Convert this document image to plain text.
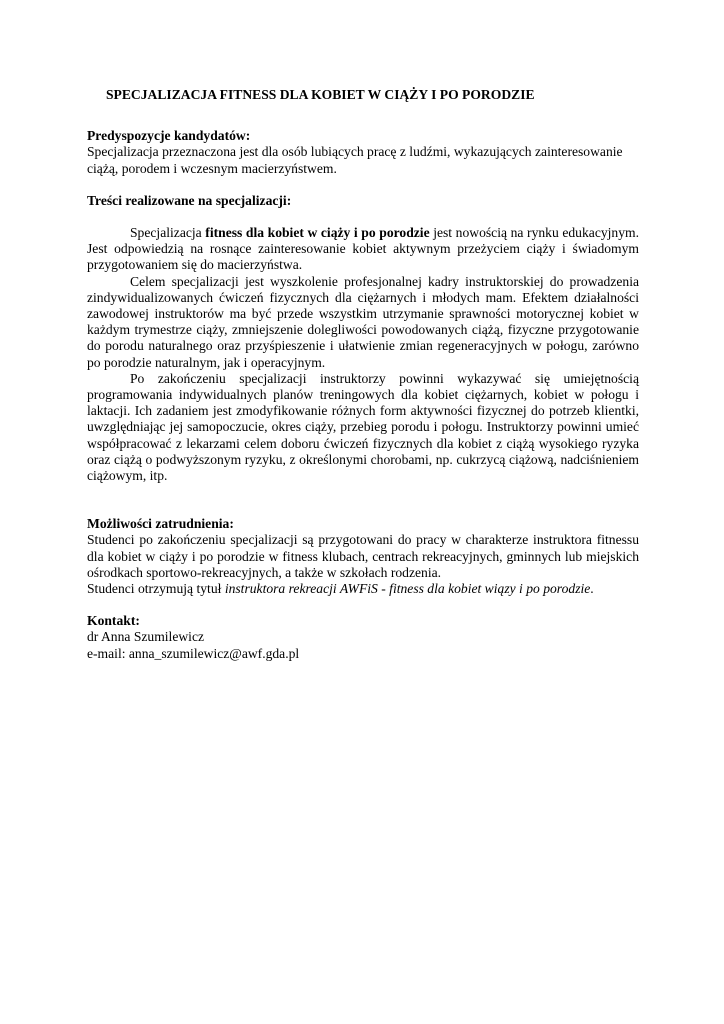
SPECJALIZACJA FITNESS DLA KOBIET W CIĄŻY I PO PORODZIE
Predyspozycje kandydatów:

Specjalizacja przeznaczona jest dla osób lubiących pracę z ludźmi, wykazujących zainteresowanie ciążą, porodem i wczesnym macierzyństwem.

Treści realizowane na specjalizacji:

Specjalizacja fitness dla kobiet w ciąży i po porodzie jest nowością na rynku edukacyjnym. Jest odpowiedzią na rosnące zainteresowanie kobiet aktywnym przeżyciem ciąży i świadomym przygotowaniem się do macierzyństwa.

Celem specjalizacji jest wyszkolenie profesjonalnej kadry instruktorskiej do prowadzenia zindywidualizowanych ćwiczeń fizycznych dla ciężarnych i młodych mam. Efektem działalności zawodowej instruktorów ma być przede wszystkim utrzymanie sprawności motorycznej kobiet w każdym trymestrze ciąży, zmniejszenie dolegliwości powodowanych ciążą, fizyczne przygotowanie do porodu naturalnego oraz przyśpieszenie i ułatwienie zmian regeneracyjnych w połogu, zarówno po porodzie naturalnym, jak i operacyjnym.

Po zakończeniu specjalizacji instruktorzy powinni wykazywać się umiejętnością programowania indywidualnych planów treningowych dla kobiet ciężarnych, kobiet w połogu i laktacji. Ich zadaniem jest zmodyfikowanie różnych form aktywności fizycznej do potrzeb klientki, uwzględniając jej samopoczucie, okres ciąży, przebieg porodu i połogu. Instruktorzy powinni umieć współpracować z lekarzami celem doboru ćwiczeń fizycznych dla kobiet z ciążą wysokiego ryzyka oraz ciążą o podwyższonym ryzyku, z określonymi chorobami, np. cukrzycą ciążową, nadciśnieniem ciążowym, itp.

Możliwości zatrudnienia:

Studenci po zakończeniu specjalizacji są przygotowani do pracy w charakterze instruktora fitnessu dla kobiet w ciąży i po porodzie w fitness klubach, centrach rekreacyjnych, gminnych lub miejskich ośrodkach sportowo-rekreacyjnych, a także w szkołach rodzenia.

Studenci otrzymują tytuł instruktora rekreacji AWFiS - fitness dla kobiet wiązy i po porodzie.

Kontakt:
dr Anna Szumilewicz
e-mail: anna_szumilewicz@awf.gda.pl
